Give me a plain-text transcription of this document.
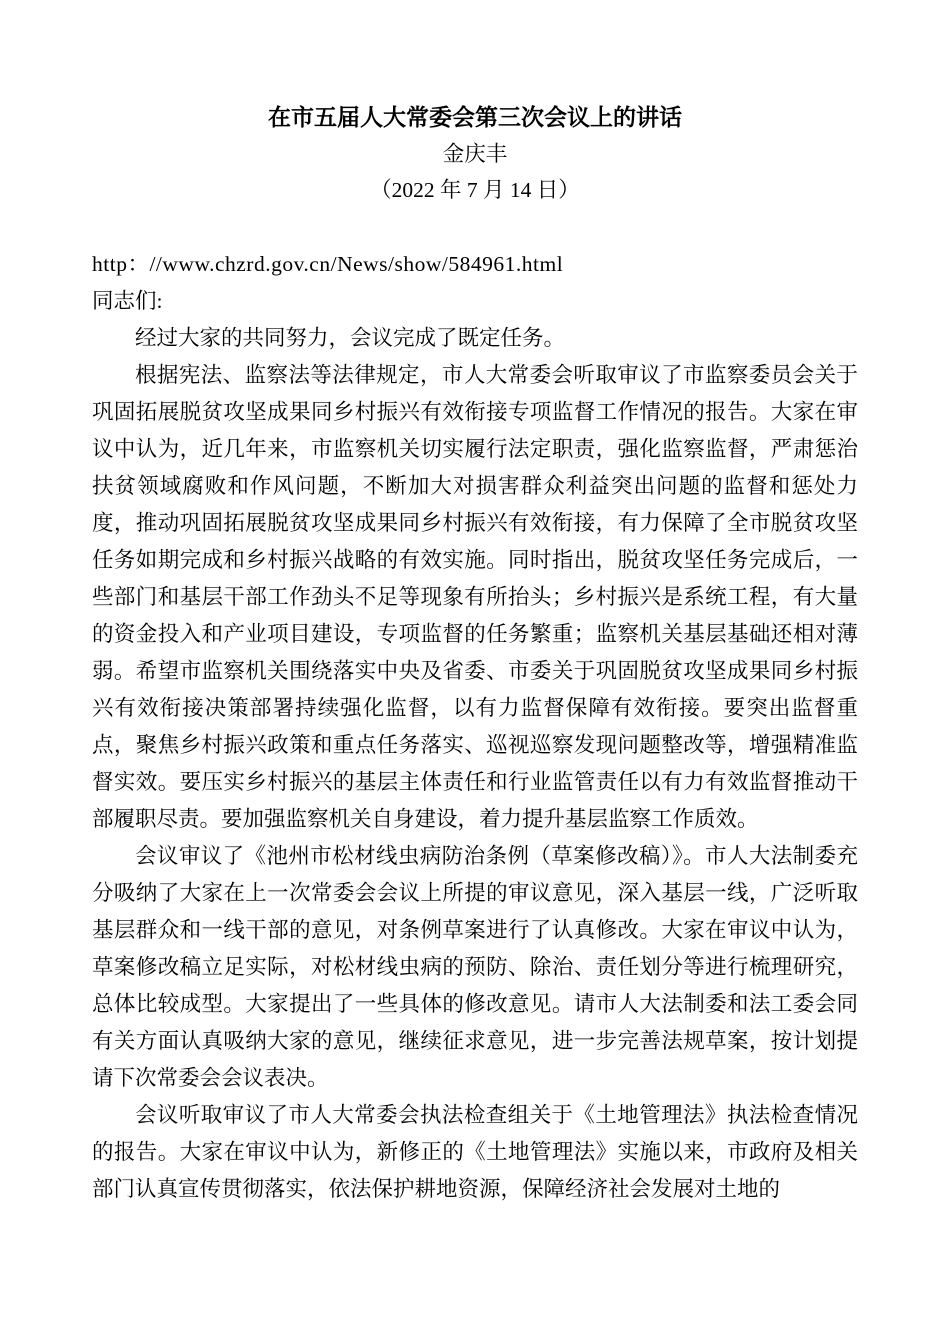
在市五届人大常委会第三次会议上的讲话
金庆丰
（2022 年 7 月 14 日）
http：//www.chzrd.gov.cn/News/show/584961.html
同志们:

经过大家的共同努力，会议完成了既定任务。

根据宪法、监察法等法律规定，市人大常委会听取审议了市监察委员会关于巩固拓展脱贫攻坚成果同乡村振兴有效衔接专项监督工作情况的报告。大家在审议中认为，近几年来，市监察机关切实履行法定职责，强化监察监督，严肃惩治扶贫领域腐败和作风问题，不断加大对损害群众利益突出问题的监督和惩处力度，推动巩固拓展脱贫攻坚成果同乡村振兴有效衔接，有力保障了全市脱贫攻坚任务如期完成和乡村振兴战略的有效实施。同时指出，脱贫攻坚任务完成后，一些部门和基层干部工作劲头不足等现象有所抬头；乡村振兴是系统工程，有大量的资金投入和产业项目建设，专项监督的任务繁重；监察机关基层基础还相对薄弱。希望市监察机关围绕落实中央及省委、市委关于巩固脱贫攻坚成果同乡村振兴有效衔接决策部署持续强化监督，以有力监督保障有效衔接。要突出监督重点，聚焦乡村振兴政策和重点任务落实、巡视巡察发现问题整改等，增强精准监督实效。要压实乡村振兴的基层主体责任和行业监管责任以有力有效监督推动干部履职尽责。要加强监察机关自身建设，着力提升基层监察工作质效。

会议审议了《池州市松材线虫病防治条例（草案修改稿）》。市人大法制委充分吸纳了大家在上一次常委会会议上所提的审议意见，深入基层一线，广泛听取基层群众和一线干部的意见，对条例草案进行了认真修改。大家在审议中认为，草案修改稿立足实际，对松材线虫病的预防、除治、责任划分等进行梳理研究，总体比较成型。大家提出了一些具体的修改意见。请市人大法制委和法工委会同有关方面认真吸纳大家的意见，继续征求意见，进一步完善法规草案，按计划提请下次常委会会议表决。

会议听取审议了市人大常委会执法检查组关于《土地管理法》执法检查情况的报告。大家在审议中认为，新修正的《土地管理法》实施以来，市政府及相关部门认真宣传贯彻落实，依法保护耕地资源，保障经济社会发展对土地的
